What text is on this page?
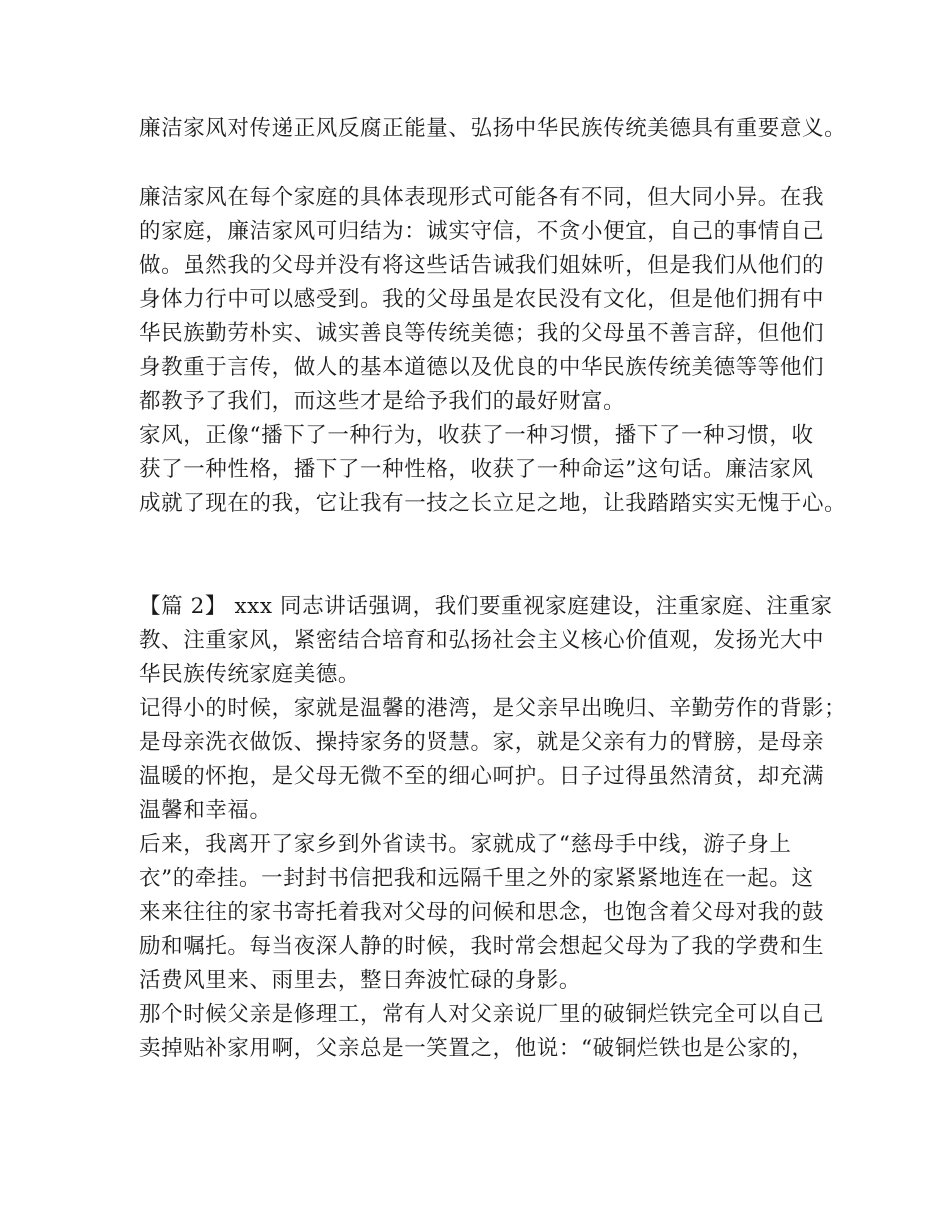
廉洁家风对传递正风反腐正能量、弘扬中华民族传统美德具有重要意义。
廉洁家风在每个家庭的具体表现形式可能各有不同，但大同小异。在我
的家庭，廉洁家风可归结为：诚实守信，不贪小便宜，自己的事情自己
做。虽然我的父母并没有将这些话告诫我们姐妹听，但是我们从他们的
身体力行中可以感受到。我的父母虽是农民没有文化，但是他们拥有中
华民族勤劳朴实、诚实善良等传统美德；我的父母虽不善言辞，但他们
身教重于言传，做人的基本道德以及优良的中华民族传统美德等等他们
都教予了我们，而这些才是给予我们的最好财富。
家风，正像“播下了一种行为，收获了一种习惯，播下了一种习惯，收
获了一种性格，播下了一种性格，收获了一种命运”这句话。廉洁家风
成就了现在的我，它让我有一技之长立足之地，让我踏踏实实无愧于心。
【篇 2】 xxx 同志讲话强调，我们要重视家庭建设，注重家庭、注重家
教、注重家风，紧密结合培育和弘扬社会主义核心价值观，发扬光大中
华民族传统家庭美德。
记得小的时候，家就是温馨的港湾，是父亲早出晚归、辛勤劳作的背影；
是母亲洗衣做饭、操持家务的贤慧。家，就是父亲有力的臂膀，是母亲
温暖的怀抱，是父母无微不至的细心呵护。日子过得虽然清贫，却充满
温馨和幸福。
后来，我离开了家乡到外省读书。家就成了“慈母手中线，游子身上
衣”的牵挂。一封封书信把我和远隔千里之外的家紧紧地连在一起。这
来来往往的家书寄托着我对父母的问候和思念，也饱含着父母对我的鼓
励和嘱托。每当夜深人静的时候，我时常会想起父母为了我的学费和生
活费风里来、雨里去，整日奔波忙碌的身影。
那个时候父亲是修理工，常有人对父亲说厂里的破铜烂铁完全可以自己
卖掉贴补家用啊，父亲总是一笑置之，他说：“破铜烂铁也是公家的，
